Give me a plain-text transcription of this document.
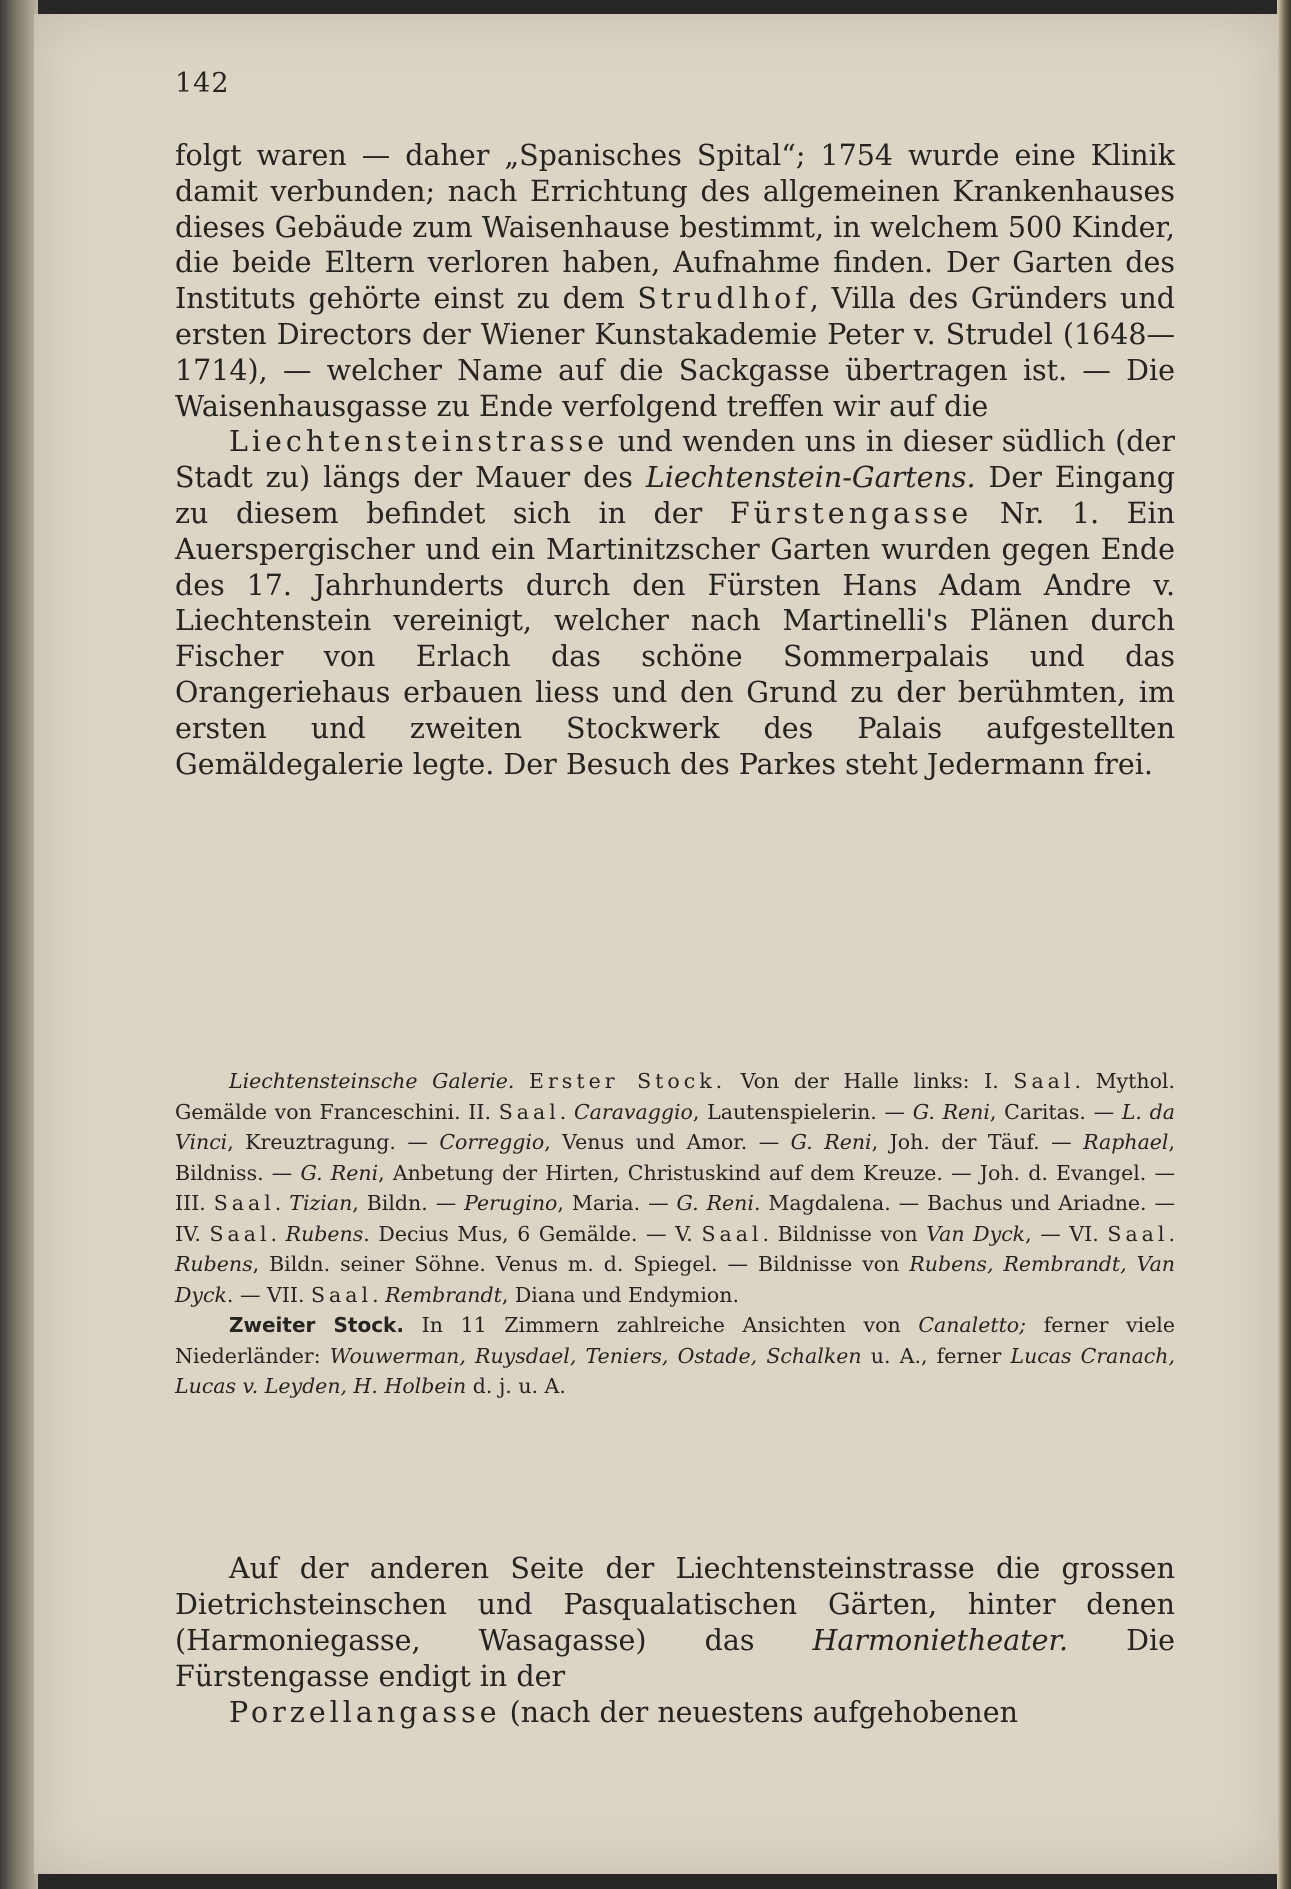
142

folgt waren — daher „Spanisches Spital“; 1754 wurde eine Klinik damit verbunden; nach Errichtung des allgemeinen Krankenhauses dieses Gebäude zum Waisenhause bestimmt, in welchem 500 Kinder, die beide Eltern verloren haben, Aufnahme finden. Der Garten des Instituts gehörte einst zu dem Strudlhof, Villa des Gründers und ersten Directors der Wiener Kunstakademie Peter v. Strudel (1648—1714), — welcher Name auf die Sackgasse übertragen ist. — Die Waisenhausgasse zu Ende verfolgend treffen wir auf die

Liechtensteinstrasse und wenden uns in dieser südlich (der Stadt zu) längs der Mauer des Liechtenstein-Gartens. Der Eingang zu diesem befindet sich in der Fürstengasse Nr. 1. Ein Auerspergischer und ein Martinitzscher Garten wurden gegen Ende des 17. Jahrhunderts durch den Fürsten Hans Adam Andre v. Liechtenstein vereinigt, welcher nach Martinelli's Plänen durch Fischer von Erlach das schöne Sommerpalais und das Orangeriehaus erbauen liess und den Grund zu der berühmten, im ersten und zweiten Stockwerk des Palais aufgestellten Gemäldegalerie legte. Der Besuch des Parkes steht Jedermann frei.

Liechtensteinsche Galerie. Erster Stock. Von der Halle links: I. Saal. Mythol. Gemälde von Franceschini. II. Saal. Caravaggio, Lautenspielerin. — G. Reni, Caritas. — L. da Vinci, Kreuztragung. — Correggio, Venus und Amor. — G. Reni, Joh. der Täuf. — Raphael, Bildniss. — G. Reni, Anbetung der Hirten, Christuskind auf dem Kreuze. — Joh. d. Evangel. — III. Saal. Tizian, Bildn. — Perugino, Maria. — G. Reni. Magdalena. — Bachus und Ariadne. — IV. Saal. Rubens. Decius Mus, 6 Gemälde. — V. Saal. Bildnisse von Van Dyck, — VI. Saal. Rubens, Bildn. seiner Söhne. Venus m. d. Spiegel. — Bildnisse von Rubens, Rembrandt, Van Dyck. — VII. Saal. Rembrandt, Diana und Endymion.

Zweiter Stock. In 11 Zimmern zahlreiche Ansichten von Canaletto; ferner viele Niederländer: Wouwerman, Ruysdael, Teniers, Ostade, Schalken u. A., ferner Lucas Cranach, Lucas v. Leyden, H. Holbein d. j. u. A.

Auf der anderen Seite der Liechtensteinstrasse die grossen Dietrichsteinschen und Pasqualatischen Gärten, hinter denen (Harmoniegasse, Wasagasse) das Harmonietheater. Die Fürstengasse endigt in der

Porzellangasse (nach der neuestens aufgehobenen
